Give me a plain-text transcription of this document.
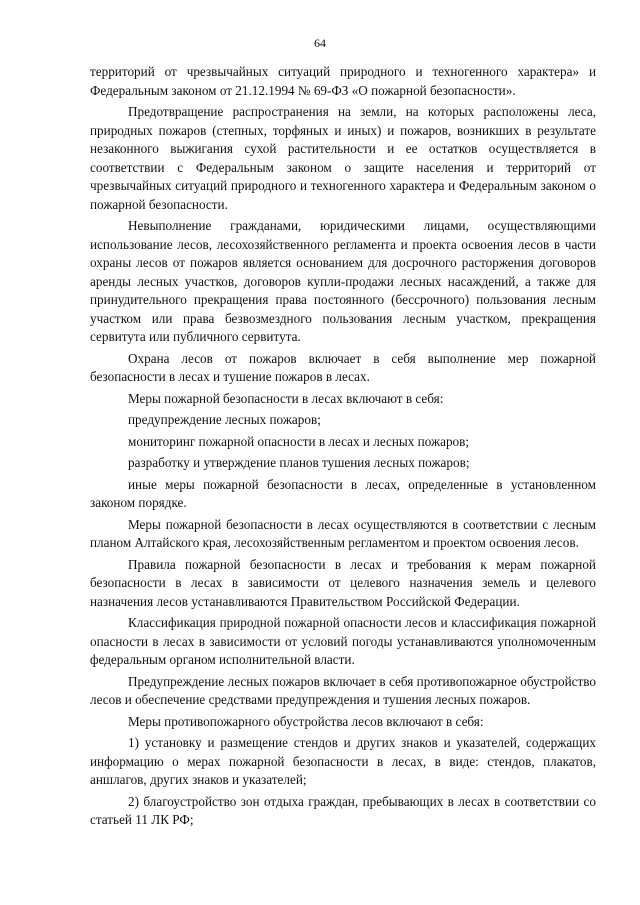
64

территорий от чрезвычайных ситуаций природного и техногенного характера» и Федеральным законом от 21.12.1994 № 69-ФЗ «О пожарной безопасности».

Предотвращение распространения на земли, на которых расположены леса, природных пожаров (степных, торфяных и иных) и пожаров, возникших в результате незаконного выжигания сухой растительности и ее остатков осуществляется в соответствии с Федеральным законом о защите населения и территорий от чрезвычайных ситуаций природного и техногенного характера и Федеральным законом о пожарной безопасности.

Невыполнение гражданами, юридическими лицами, осуществляющими использование лесов, лесохозяйственного регламента и проекта освоения лесов в части охраны лесов от пожаров является основанием для досрочного расторжения договоров аренды лесных участков, договоров купли-продажи лесных насаждений, а также для принудительного прекращения права постоянного (бессрочного) пользования лесным участком или права безвозмездного пользования лесным участком, прекращения сервитута или публичного сервитута.

Охрана лесов от пожаров включает в себя выполнение мер пожарной безопасности в лесах и тушение пожаров в лесах.

Меры пожарной безопасности в лесах включают в себя:

предупреждение лесных пожаров;

мониторинг пожарной опасности в лесах и лесных пожаров;

разработку и утверждение планов тушения лесных пожаров;

иные меры пожарной безопасности в лесах, определенные в установленном законом порядке.

Меры пожарной безопасности в лесах осуществляются в соответствии с лесным планом Алтайского края, лесохозяйственным регламентом и проектом освоения лесов.

Правила пожарной безопасности в лесах и требования к мерам пожарной безопасности в лесах в зависимости от целевого назначения земель и целевого назначения лесов устанавливаются Правительством Российской Федерации.

Классификация природной пожарной опасности лесов и классификация пожарной опасности в лесах в зависимости от условий погоды устанавливаются уполномоченным федеральным органом исполнительной власти.

Предупреждение лесных пожаров включает в себя противопожарное обустройство лесов и обеспечение средствами предупреждения и тушения лесных пожаров.

Меры противопожарного обустройства лесов включают в себя:

1) установку и размещение стендов и других знаков и указателей, содержащих информацию о мерах пожарной безопасности в лесах, в виде: стендов, плакатов, аншлагов, других знаков и указателей;

2) благоустройство зон отдыха граждан, пребывающих в лесах в соответствии со статьей 11 ЛК РФ;
